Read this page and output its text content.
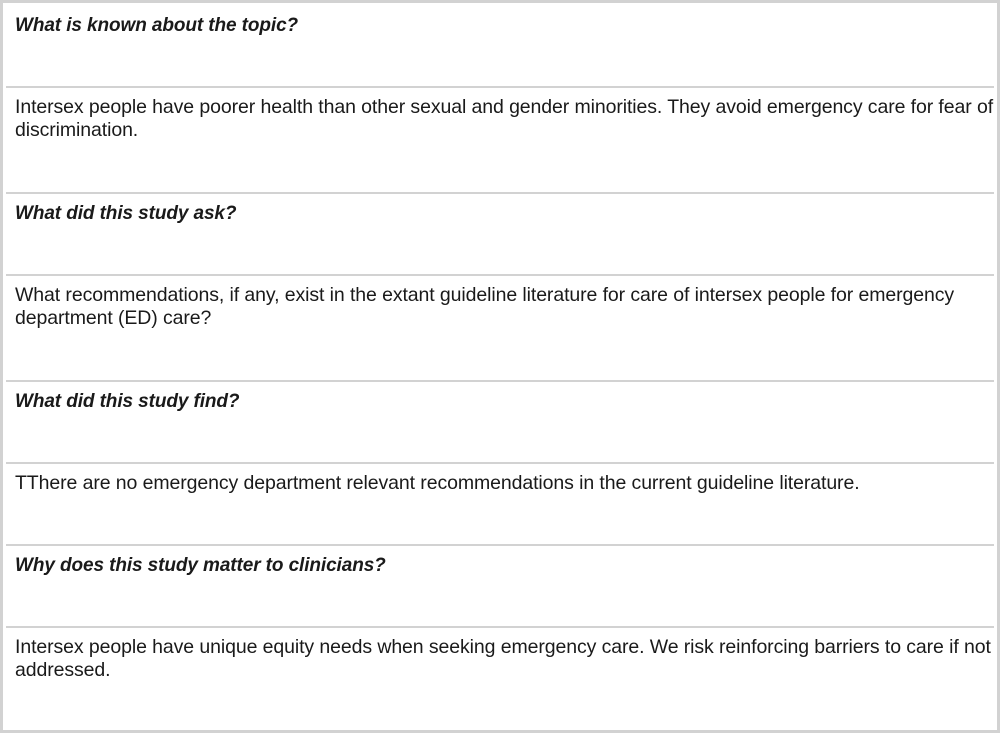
What is known about the topic?
Intersex people have poorer health than other sexual and gender minorities. They avoid emergency care for fear of discrimination.
What did this study ask?
What recommendations, if any, exist in the extant guideline literature for care of intersex people for emergency department (ED) care?
What did this study find?
TThere are no emergency department relevant recommendations in the current guideline literature.
Why does this study matter to clinicians?
Intersex people have unique equity needs when seeking emergency care. We risk reinforcing barriers to care if not addressed.
